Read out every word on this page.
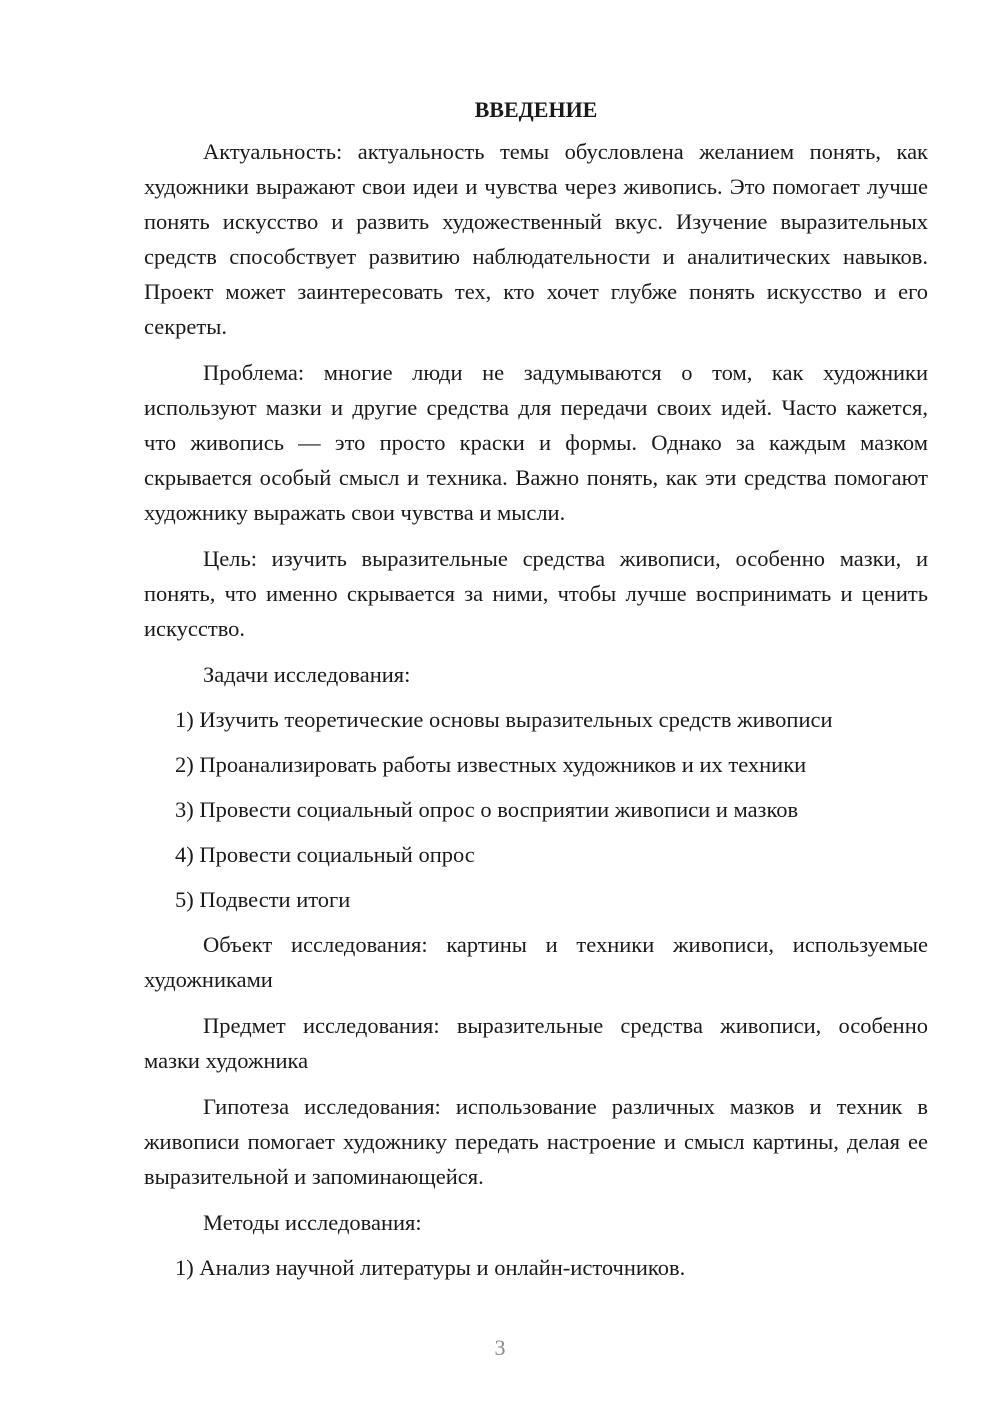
ВВЕДЕНИЕ

Актуальность: актуальность темы обусловлена желанием понять, как художники выражают свои идеи и чувства через живопись. Это помогает лучше понять искусство и развить художественный вкус. Изучение выразительных средств способствует развитию наблюдательности и аналитических навыков. Проект может заинтересовать тех, кто хочет глубже понять искусство и его секреты.

Проблема: многие люди не задумываются о том, как художники используют мазки и другие средства для передачи своих идей. Часто кажется, что живопись — это просто краски и формы. Однако за каждым мазком скрывается особый смысл и техника. Важно понять, как эти средства помогают художнику выражать свои чувства и мысли.

Цель: изучить выразительные средства живописи, особенно мазки, и понять, что именно скрывается за ними, чтобы лучше воспринимать и ценить искусство.

Задачи исследования:

1) Изучить теоретические основы выразительных средств живописи

2) Проанализировать работы известных художников и их техники

3) Провести социальный опрос о восприятии живописи и мазков

4) Провести социальный опрос

5) Подвести итоги

Объект исследования: картины и техники живописи, используемые художниками

Предмет исследования: выразительные средства живописи, особенно мазки художника

Гипотеза исследования: использование различных мазков и техник в живописи помогает художнику передать настроение и смысл картины, делая ее выразительной и запоминающейся.

Методы исследования:

1) Анализ научной литературы и онлайн-источников.

3
